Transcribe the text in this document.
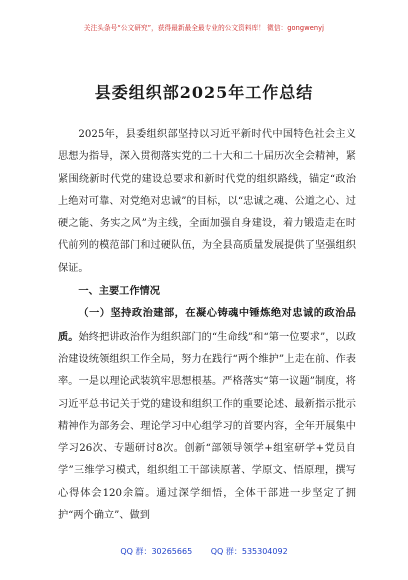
关注头条号“公文研究”，获得最新最全最专业的公文资料库！ 微信：gongwenyj
县委组织部2025年工作总结

2025年，县委组织部坚持以习近平新时代中国特色社会主义思想为指导，深入贯彻落实党的二十大和二十届历次全会精神，紧紧围绕新时代党的建设总要求和新时代党的组织路线，锚定“政治上绝对可靠、对党绝对忠诚”的目标，以“忠诚之魂、公道之心、过硬之能、务实之风”为主线，全面加强自身建设，着力锻造走在时代前列的模范部门和过硬队伍，为全县高质量发展提供了坚强组织保证。

一、主要工作情况

（一）坚持政治建部，在凝心铸魂中锤炼绝对忠诚的政治品质。始终把讲政治作为组织部门的“生命线”和“第一位要求”，以政治建设统领组织工作全局，努力在践行“两个维护”上走在前、作表率。一是以理论武装筑牢思想根基。严格落实“第一议题”制度，将习近平总书记关于党的建设和组织工作的重要论述、最新指示批示精神作为部务会、理论学习中心组学习的首要内容，全年开展集中学习26次、专题研讨8次。创新“部领导领学+组室研学+党员自学”三维学习模式，组织组工干部读原著、学原文、悟原理，撰写心得体会120余篇。通过深学细悟，全体干部进一步坚定了拥护“两个确立”、做到

QQ 群：30265665 QQ 群：535304092
